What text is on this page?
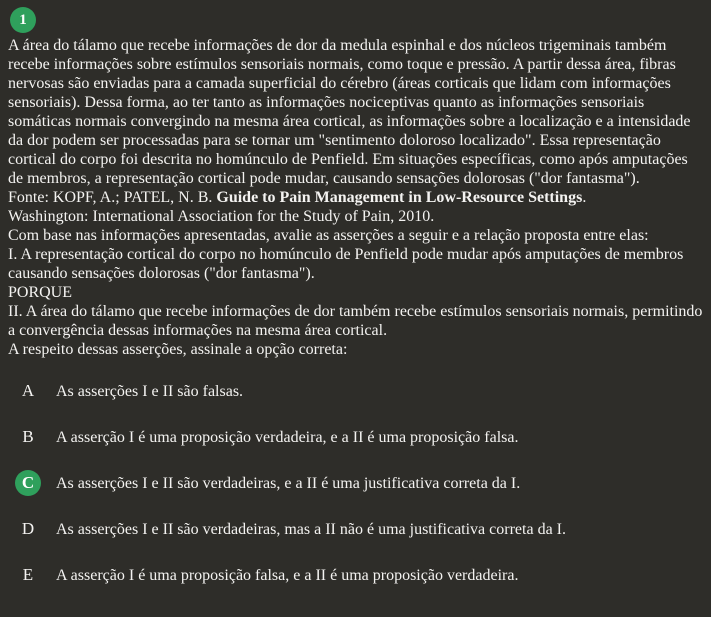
1
A área do tálamo que recebe informações de dor da medula espinhal e dos núcleos trigeminais também recebe informações sobre estímulos sensoriais normais, como toque e pressão. A partir dessa área, fibras nervosas são enviadas para a camada superficial do cérebro (áreas corticais que lidam com informações sensoriais). Dessa forma, ao ter tanto as informações nociceptivas quanto as informações sensoriais somáticas normais convergindo na mesma área cortical, as informações sobre a localização e a intensidade da dor podem ser processadas para se tornar um "sentimento doloroso localizado". Essa representação cortical do corpo foi descrita no homúnculo de Penfield. Em situações específicas, como após amputações de membros, a representação cortical pode mudar, causando sensações dolorosas ("dor fantasma").
Fonte: KOPF, A.; PATEL, N. B. Guide to Pain Management in Low-Resource Settings.
Washington: International Association for the Study of Pain, 2010.
Com base nas informações apresentadas, avalie as asserções a seguir e a relação proposta entre elas:
I. A representação cortical do corpo no homúnculo de Penfield pode mudar após amputações de membros causando sensações dolorosas ("dor fantasma").
PORQUE
II. A área do tálamo que recebe informações de dor também recebe estímulos sensoriais normais, permitindo a convergência dessas informações na mesma área cortical.
A respeito dessas asserções, assinale a opção correta:
A	As asserções I e II são falsas.
B	A asserção I é uma proposição verdadeira, e a II é uma proposição falsa.
C	As asserções I e II são verdadeiras, e a II é uma justificativa correta da I.
D	As asserções I e II são verdadeiras, mas a II não é uma justificativa correta da I.
E	A asserção I é uma proposição falsa, e a II é uma proposição verdadeira.
